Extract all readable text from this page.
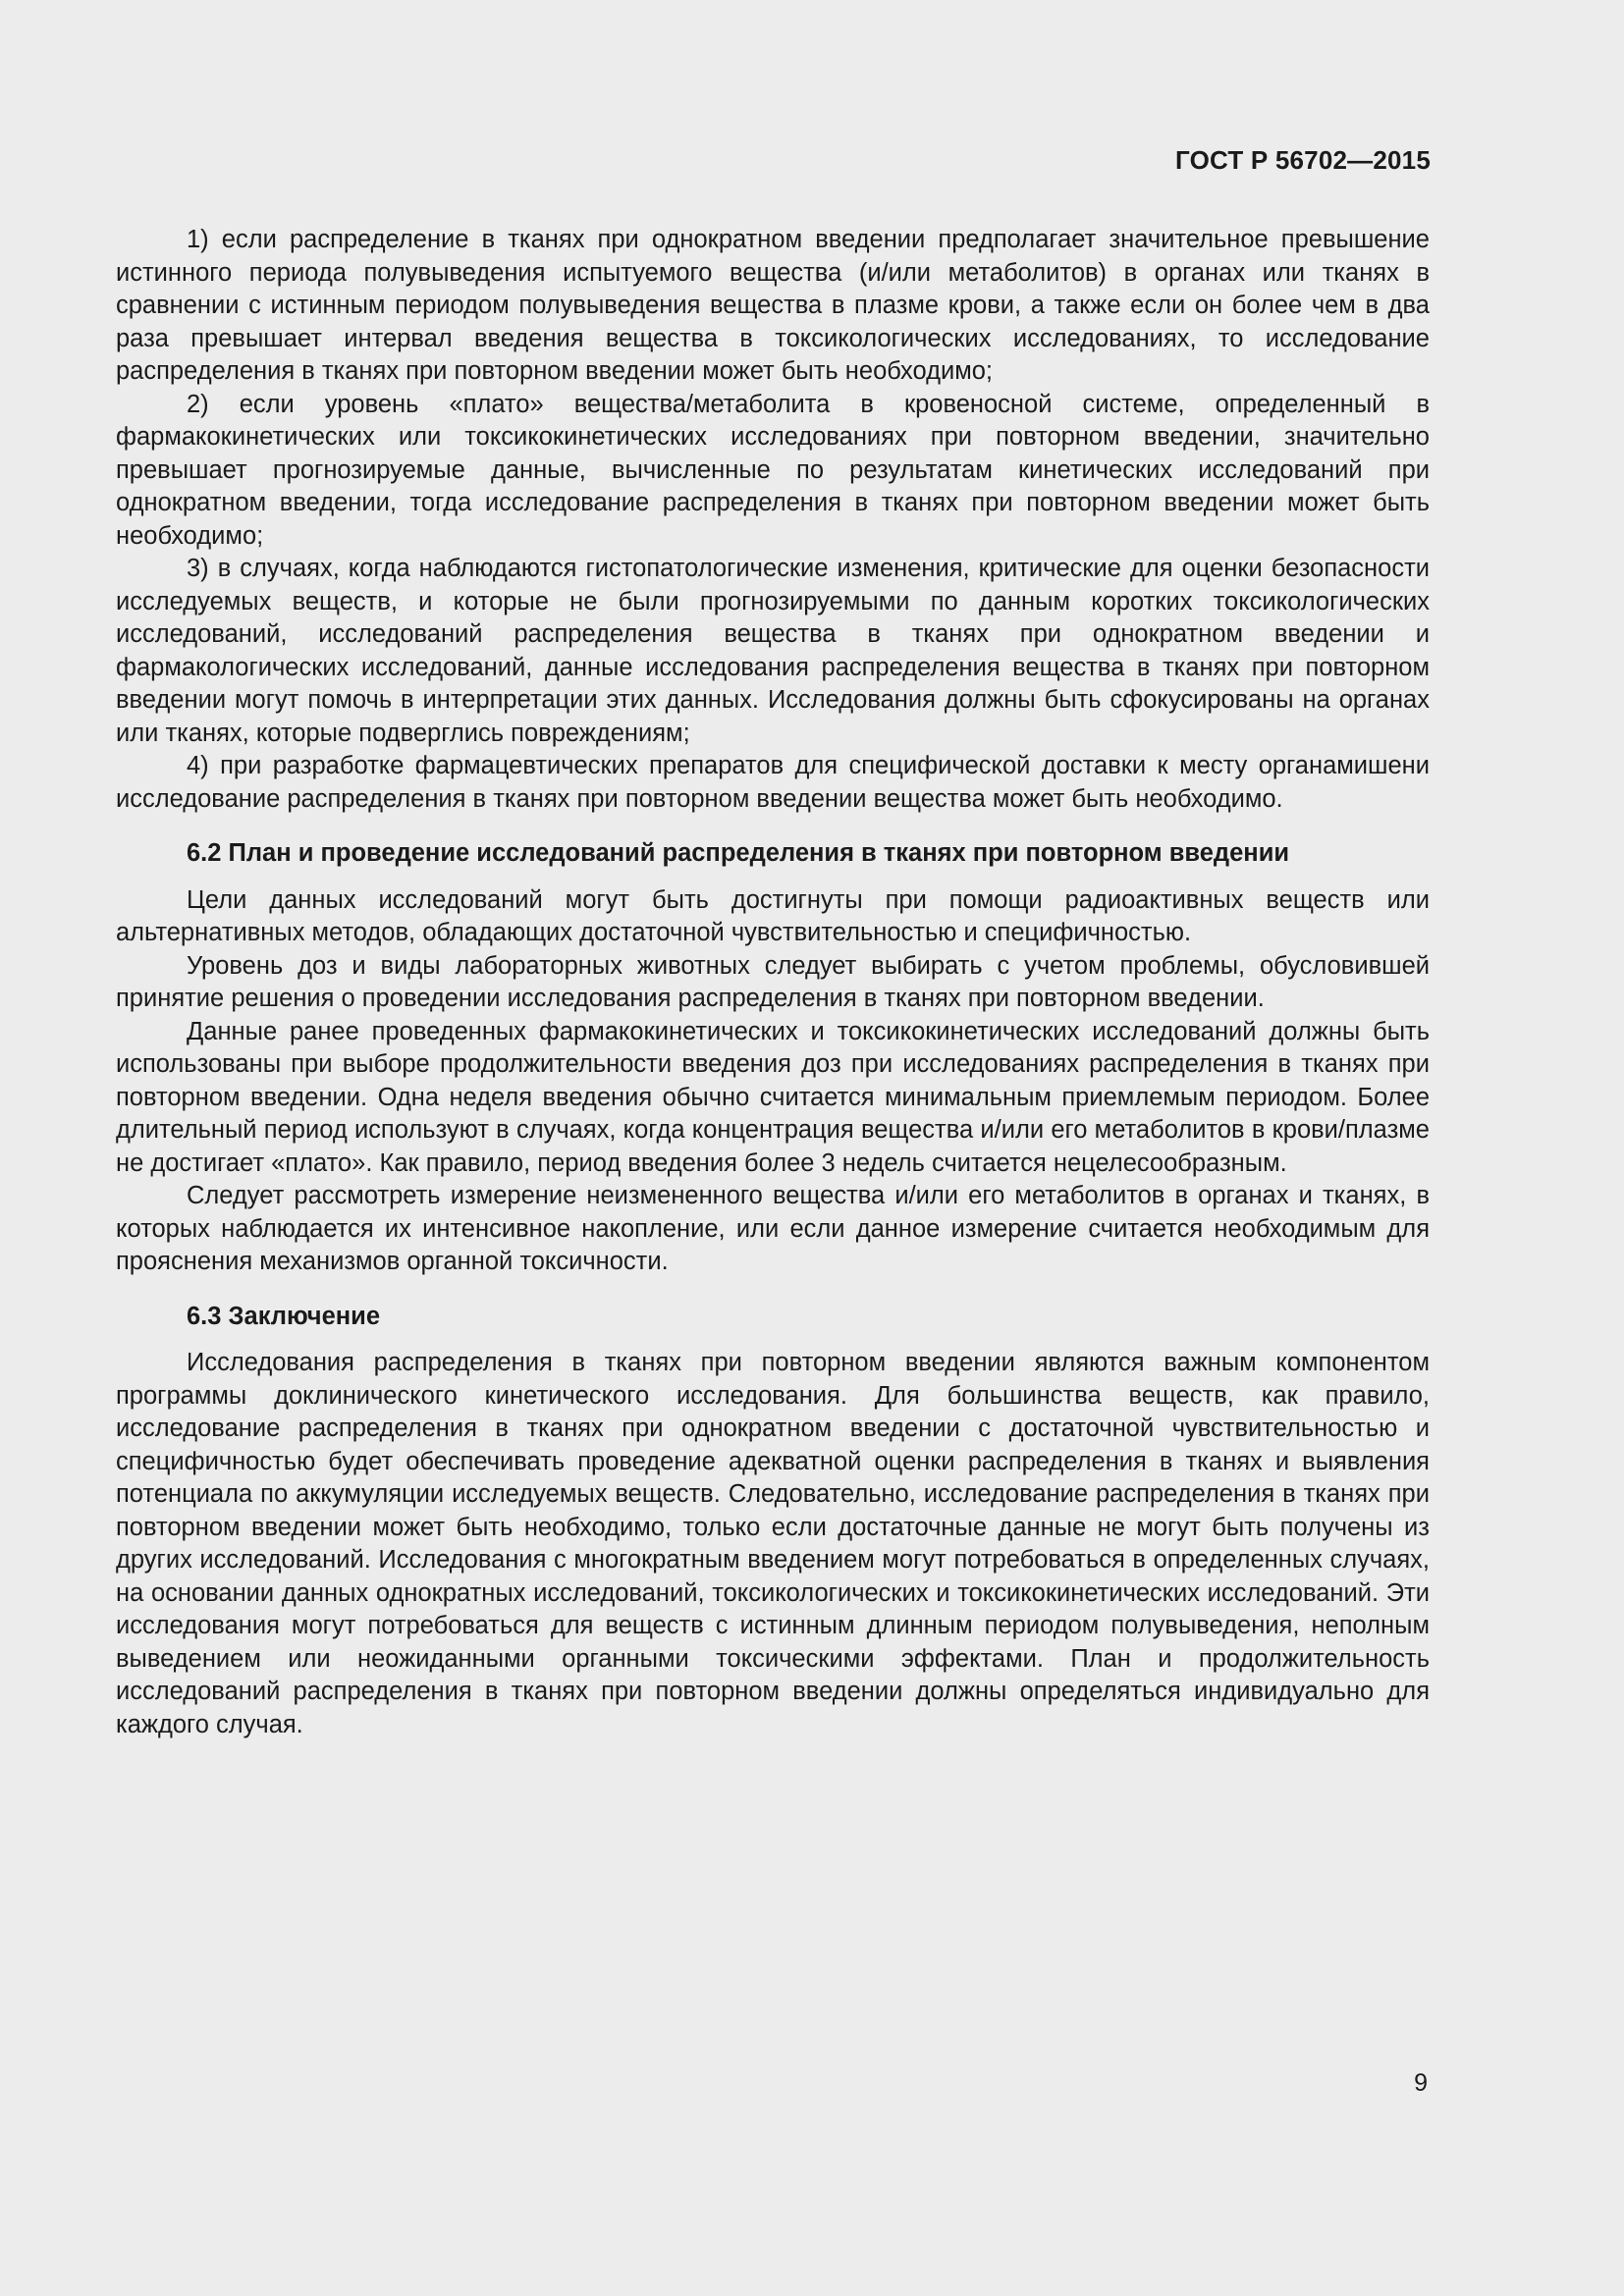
ГОСТ Р 56702—2015

1) если распределение в тканях при однократном введении предполагает значительное превышение истинного периода полувыведения испытуемого вещества (и/или метаболитов) в органах или тканях в сравнении с истинным периодом полувыведения вещества в плазме крови, а также если он более чем в два раза превышает интервал введения вещества в токсикологических исследованиях, то исследование распределения в тканях при повторном введении может быть необходимо;

2) если уровень «плато» вещества/метаболита в кровеносной системе, определенный в фармакокинетических или токсикокинетических исследованиях при повторном введении, значительно превышает прогнозируемые данные, вычисленные по результатам кинетических исследований при однократном введении, тогда исследование распределения в тканях при повторном введении может быть необходимо;

3) в случаях, когда наблюдаются гистопатологические изменения, критические для оценки безопасности исследуемых веществ, и которые не были прогнозируемыми по данным коротких токсикологических исследований, исследований распределения вещества в тканях при однократном введении и фармакологических исследований, данные исследования распределения вещества в тканях при повторном введении могут помочь в интерпретации этих данных. Исследования должны быть сфокусированы на органах или тканях, которые подверглись повреждениям;

4) при разработке фармацевтических препаратов для специфической доставки к месту органамишени исследование распределения в тканях при повторном введении вещества может быть необходимо.

6.2 План и проведение исследований распределения в тканях при повторном введении

Цели данных исследований могут быть достигнуты при помощи радиоактивных веществ или альтернативных методов, обладающих достаточной чувствительностью и специфичностью.

Уровень доз и виды лабораторных животных следует выбирать с учетом проблемы, обусловившей принятие решения о проведении исследования распределения в тканях при повторном введении.

Данные ранее проведенных фармакокинетических и токсикокинетических исследований должны быть использованы при выборе продолжительности введения доз при исследованиях распределения в тканях при повторном введении. Одна неделя введения обычно считается минимальным приемлемым периодом. Более длительный период используют в случаях, когда концентрация вещества и/или его метаболитов в крови/плазме не достигает «плато». Как правило, период введения более 3 недель считается нецелесообразным.

Следует рассмотреть измерение неизмененного вещества и/или его метаболитов в органах и тканях, в которых наблюдается их интенсивное накопление, или если данное измерение считается необходимым для прояснения механизмов органной токсичности.

6.3 Заключение

Исследования распределения в тканях при повторном введении являются важным компонентом программы доклинического кинетического исследования. Для большинства веществ, как правило, исследование распределения в тканях при однократном введении с достаточной чувствительностью и специфичностью будет обеспечивать проведение адекватной оценки распределения в тканях и выявления потенциала по аккумуляции исследуемых веществ. Следовательно, исследование распределения в тканях при повторном введении может быть необходимо, только если достаточные данные не могут быть получены из других исследований. Исследования с многократным введением могут потребоваться в определенных случаях, на основании данных однократных исследований, токсикологических и токсикокинетических исследований. Эти исследования могут потребоваться для веществ с истинным длинным периодом полувыведения, неполным выведением или неожиданными органными токсическими эффектами. План и продолжительность исследований распределения в тканях при повторном введении должны определяться индивидуально для каждого случая.

9
